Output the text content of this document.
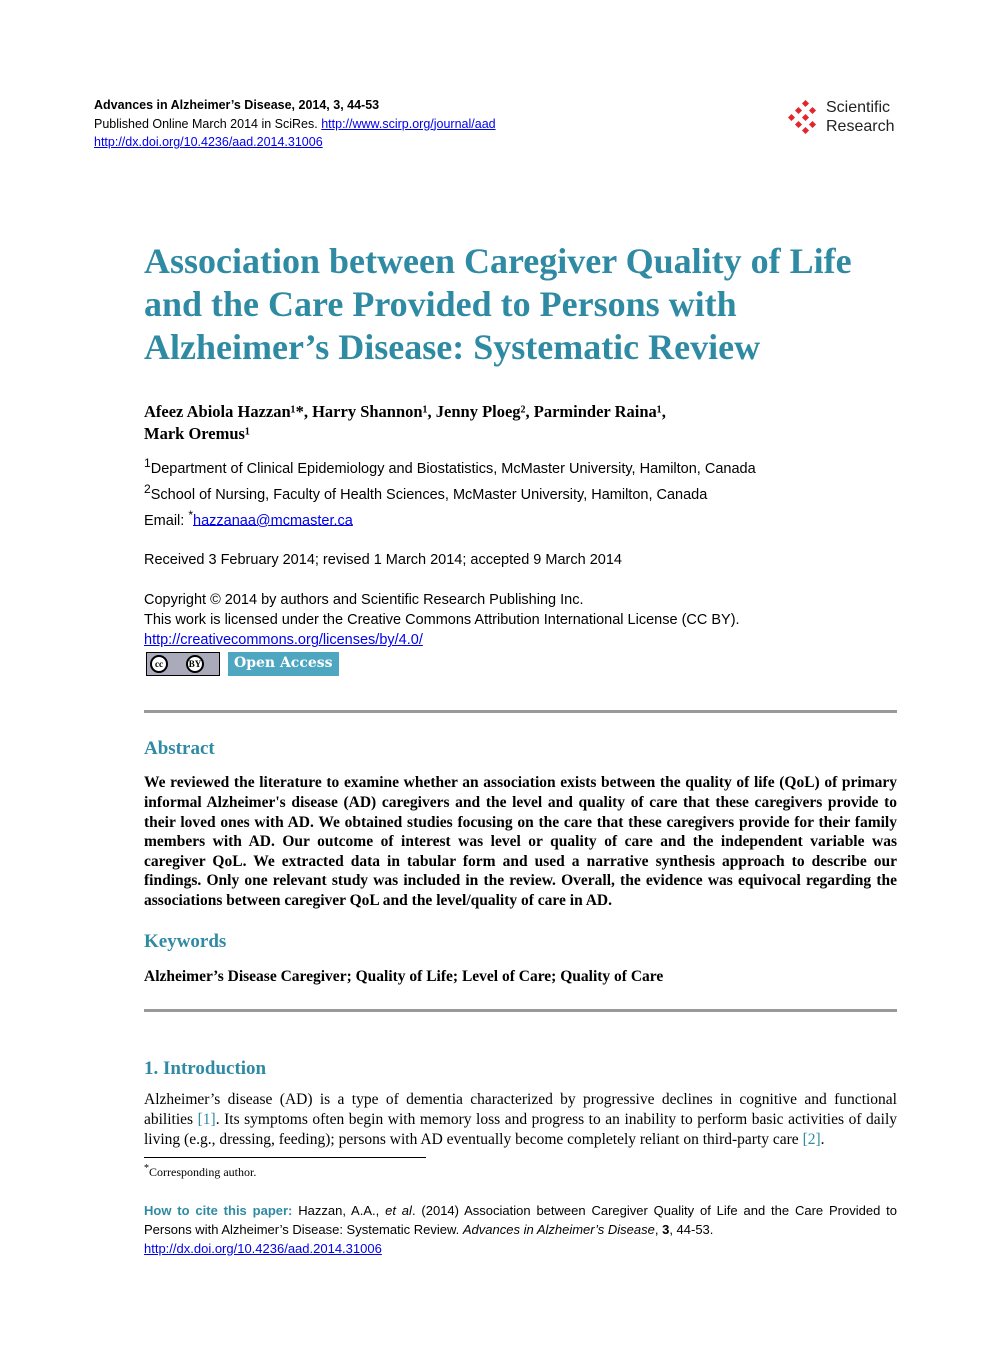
Advances in Alzheimer’s Disease, 2014, 3, 44-53
Published Online March 2014 in SciRes. http://www.scirp.org/journal/aad
http://dx.doi.org/10.4236/aad.2014.31006
Scientific
Research
Association between Caregiver Quality of Life and the Care Provided to Persons with Alzheimer’s Disease: Systematic Review
Afeez Abiola Hazzan¹*, Harry Shannon¹, Jenny Ploeg², Parminder Raina¹,
Mark Oremus¹
$^1$Department of Clinical Epidemiology and Biostatistics, McMaster University, Hamilton, Canada
$^2$School of Nursing, Faculty of Health Sciences, McMaster University, Hamilton, Canada
Email: *hazzanaa@mcmaster.ca
Received 3 February 2014; revised 1 March 2014; accepted 9 March 2014
Copyright © 2014 by authors and Scientific Research Publishing Inc.
This work is licensed under the Creative Commons Attribution International License (CC BY).
http://creativecommons.org/licenses/by/4.0/
cc	BY	Open Access
Abstract
We reviewed the literature to examine whether an association exists between the quality of life (QoL) of primary informal Alzheimer's disease (AD) caregivers and the level and quality of care that these caregivers provide to their loved ones with AD. We obtained studies focusing on the care that these caregivers provide for their family members with AD. Our outcome of interest was level or quality of care and the independent variable was caregiver QoL. We extracted data in tabular form and used a narrative synthesis approach to describe our findings. Only one relevant study was included in the review. Overall, the evidence was equivocal regarding the associations between caregiver QoL and the level/quality of care in AD.
Keywords
Alzheimer’s Disease Caregiver; Quality of Life; Level of Care; Quality of Care
1. Introduction
Alzheimer’s disease (AD) is a type of dementia characterized by progressive declines in cognitive and functional abilities [1]. Its symptoms often begin with memory loss and progress to an inability to perform basic activities of daily living (e.g., dressing, feeding); persons with AD eventually become completely reliant on third-party care [2].
*Corresponding author.
How to cite this paper: Hazzan, A.A., et al. (2014) Association between Caregiver Quality of Life and the Care Provided to Persons with Alzheimer’s Disease: Systematic Review. Advances in Alzheimer’s Disease, 3, 44-53.
http://dx.doi.org/10.4236/aad.2014.31006
